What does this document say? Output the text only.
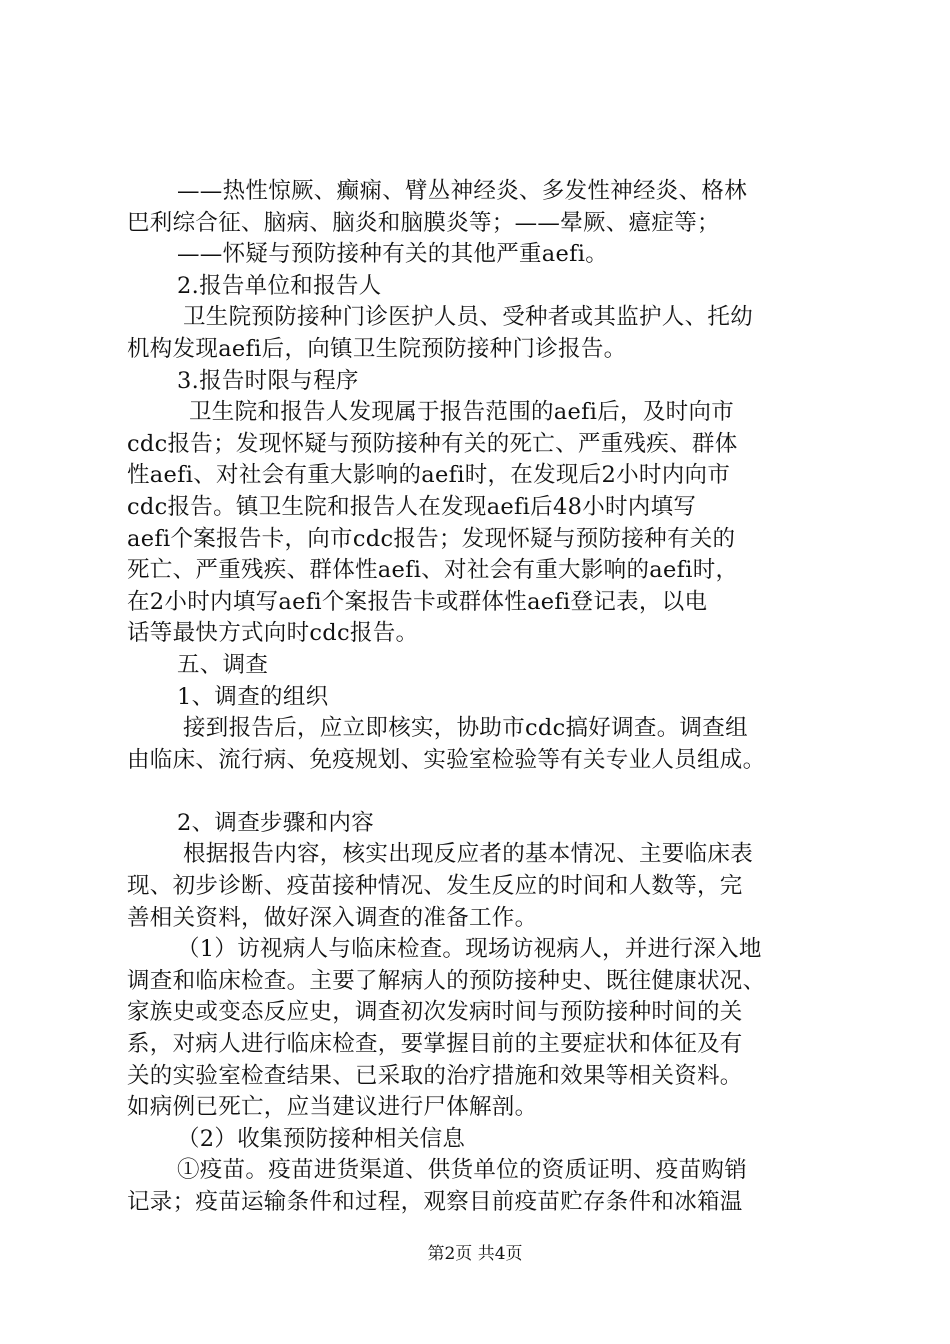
——热性惊厥、癫痫、臂丛神经炎、多发性神经炎、格林
巴利综合征、脑病、脑炎和脑膜炎等；——晕厥、癔症等；
——怀疑与预防接种有关的其他严重aefi。
2.报告单位和报告人
卫生院预防接种门诊医护人员、受种者或其监护人、托幼
机构发现aefi后，向镇卫生院预防接种门诊报告。
3.报告时限与程序
卫生院和报告人发现属于报告范围的aefi后，及时向市
cdc报告；发现怀疑与预防接种有关的死亡、严重残疾、群体
性aefi、对社会有重大影响的aefi时，在发现后2小时内向市
cdc报告。镇卫生院和报告人在发现aefi后48小时内填写
aefi个案报告卡，向市cdc报告；发现怀疑与预防接种有关的
死亡、严重残疾、群体性aefi、对社会有重大影响的aefi时，
在2小时内填写aefi个案报告卡或群体性aefi登记表，以电
话等最快方式向时cdc报告。
五、调查
1、调查的组织
接到报告后，应立即核实，协助市cdc搞好调查。调查组
由临床、流行病、免疫规划、实验室检验等有关专业人员组成。
2、调查步骤和内容
根据报告内容，核实出现反应者的基本情况、主要临床表
现、初步诊断、疫苗接种情况、发生反应的时间和人数等，完
善相关资料，做好深入调查的准备工作。
（1）访视病人与临床检查。现场访视病人，并进行深入地
调查和临床检查。主要了解病人的预防接种史、既往健康状况、
家族史或变态反应史，调查初次发病时间与预防接种时间的关
系，对病人进行临床检查，要掌握目前的主要症状和体征及有
关的实验室检查结果、已采取的治疗措施和效果等相关资料。
如病例已死亡，应当建议进行尸体解剖。
（2）收集预防接种相关信息
①疫苗。疫苗进货渠道、供货单位的资质证明、疫苗购销
记录；疫苗运输条件和过程，观察目前疫苗贮存条件和冰箱温
第2页 共4页
